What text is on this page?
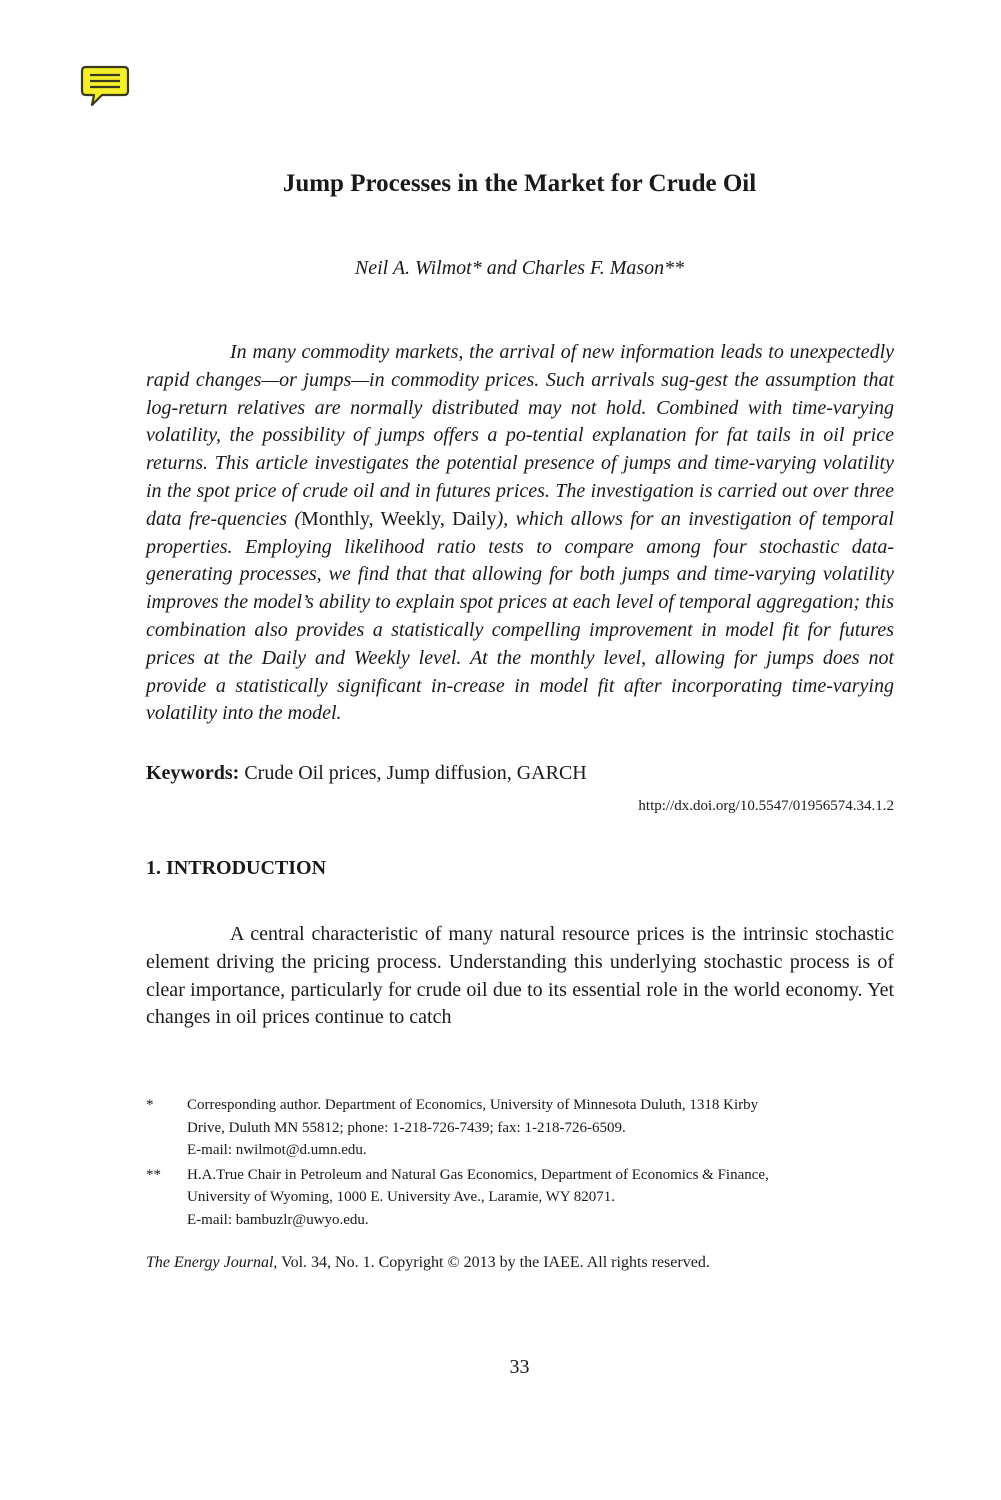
Jump Processes in the Market for Crude Oil
Neil A. Wilmot* and Charles F. Mason**

In many commodity markets, the arrival of new information leads to unexpectedly rapid changes—or jumps—in commodity prices. Such arrivals sug-gest the assumption that log-return relatives are normally distributed may not hold. Combined with time-varying volatility, the possibility of jumps offers a po-tential explanation for fat tails in oil price returns. This article investigates the potential presence of jumps and time-varying volatility in the spot price of crude oil and in futures prices. The investigation is carried out over three data fre-quencies (Monthly, Weekly, Daily), which allows for an investigation of temporal properties. Employing likelihood ratio tests to compare among four stochastic data-generating processes, we find that that allowing for both jumps and time-varying volatility improves the model’s ability to explain spot prices at each level of temporal aggregation; this combination also provides a statistically compelling improvement in model fit for futures prices at the Daily and Weekly level. At the monthly level, allowing for jumps does not provide a statistically significant in-crease in model fit after incorporating time-varying volatility into the model.

Keywords: Crude Oil prices, Jump diffusion, GARCH
http://dx.doi.org/10.5547/01956574.34.1.2
1. INTRODUCTION

A central characteristic of many natural resource prices is the intrinsic stochastic element driving the pricing process. Understanding this underlying stochastic process is of clear importance, particularly for crude oil due to its essential role in the world economy. Yet changes in oil prices continue to catch

*	Corresponding author. Department of Economics, University of Minnesota Duluth, 1318 Kirby
Drive, Duluth MN 55812; phone: 1-218-726-7439; fax: 1-218-726-6509.
E-mail: nwilmot@d.umn.edu.
**	H.A.True Chair in Petroleum and Natural Gas Economics, Department of Economics & Finance,
University of Wyoming, 1000 E. University Ave., Laramie, WY 82071.
E-mail: bambuzlr@uwyo.edu.
The Energy Journal, Vol. 34, No. 1. Copyright © 2013 by the IAEE. All rights reserved.
33
